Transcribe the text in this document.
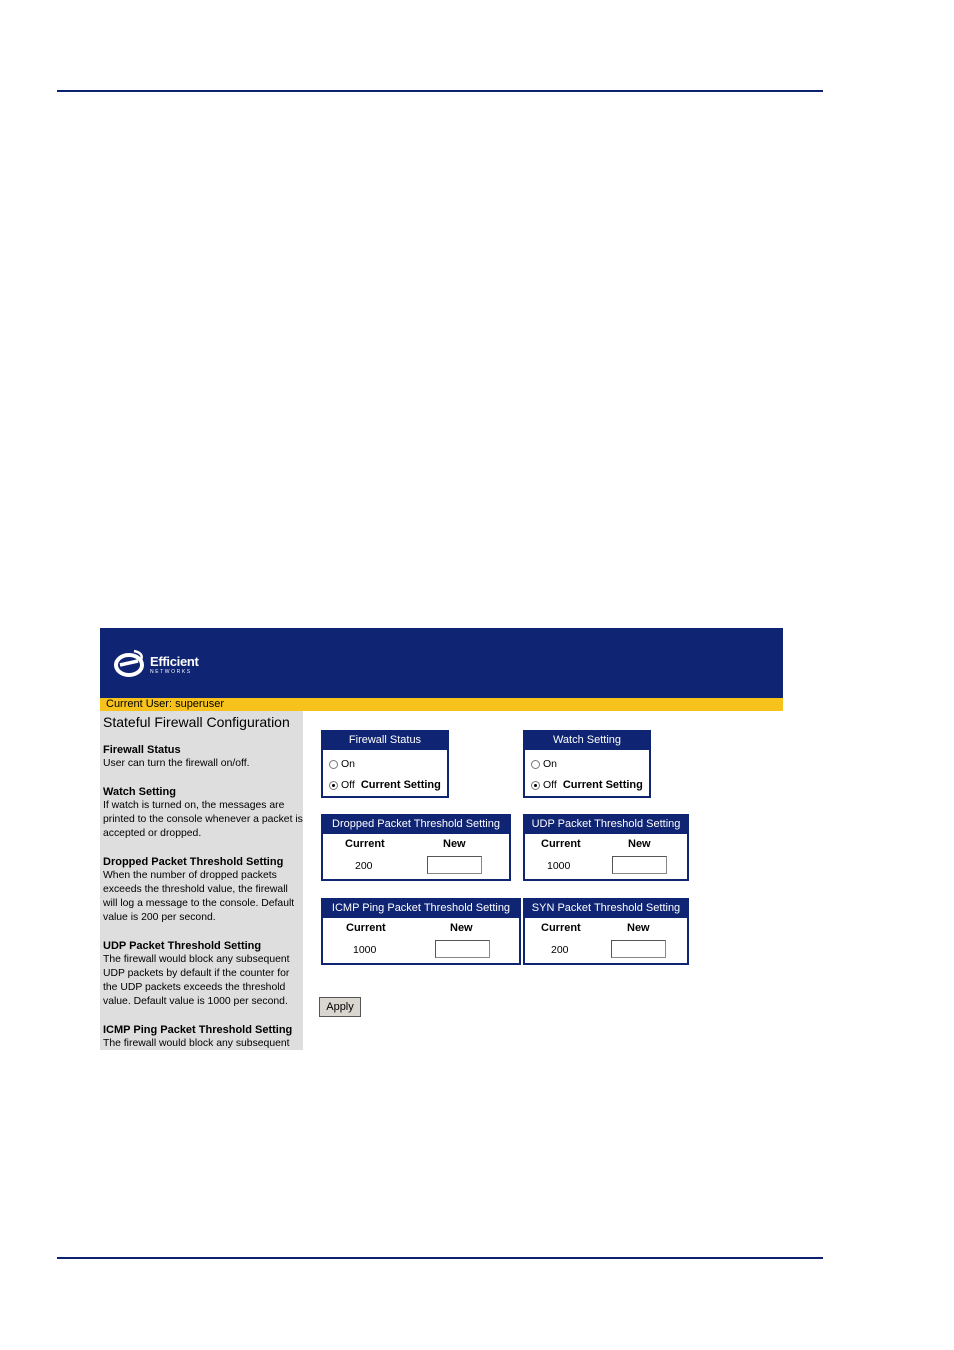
Efficient
NETWORKS
Current User: superuser
Stateful Firewall Configuration
Firewall Status
User can turn the firewall on/off.
Watch Setting
If watch is turned on, the messages are printed to the console whenever a packet is accepted or dropped.
Dropped Packet Threshold Setting
When the number of dropped packets exceeds the threshold value, the firewall will log a message to the console. Default value is 200 per second.
UDP Packet Threshold Setting
The firewall would block any subsequent UDP packets by default if the counter for the UDP packets exceeds the threshold value. Default value is 1000 per second.
ICMP Ping Packet Threshold Setting
The firewall would block any subsequent
Firewall Status
On
Off Current Setting
Watch Setting
On
Off Current Setting
Dropped Packet Threshold Setting
Current	New
200
UDP Packet Threshold Setting
Current	New
1000
ICMP Ping Packet Threshold Setting
Current	New
1000
SYN Packet Threshold Setting
Current	New
200
Apply
